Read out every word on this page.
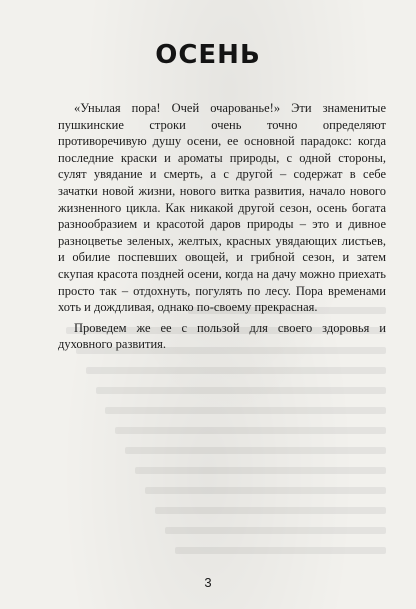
ОСЕНЬ

«Унылая пора! Очей очарованье!» Эти знаменитые пушкинские строки очень точно определяют противоречивую душу осени, ее основной парадокс: когда последние краски и ароматы природы, с одной стороны, сулят увядание и смерть, а с другой – содержат в себе зачатки новой жизни, нового витка развития, начало нового жизненного цикла. Как никакой другой сезон, осень богата разнообразием и красотой даров природы – это и дивное разноцветье зеленых, желтых, красных увядающих листьев, и обилие поспевших овощей, и грибной сезон, и затем скупая красота поздней осени, когда на дачу можно приехать просто так – отдохнуть, погулять по лесу. Пора временами хоть и дождливая, однако по-своему прекрасная.

Проведем же ее с пользой для своего здоровья и духовного развития.

3
